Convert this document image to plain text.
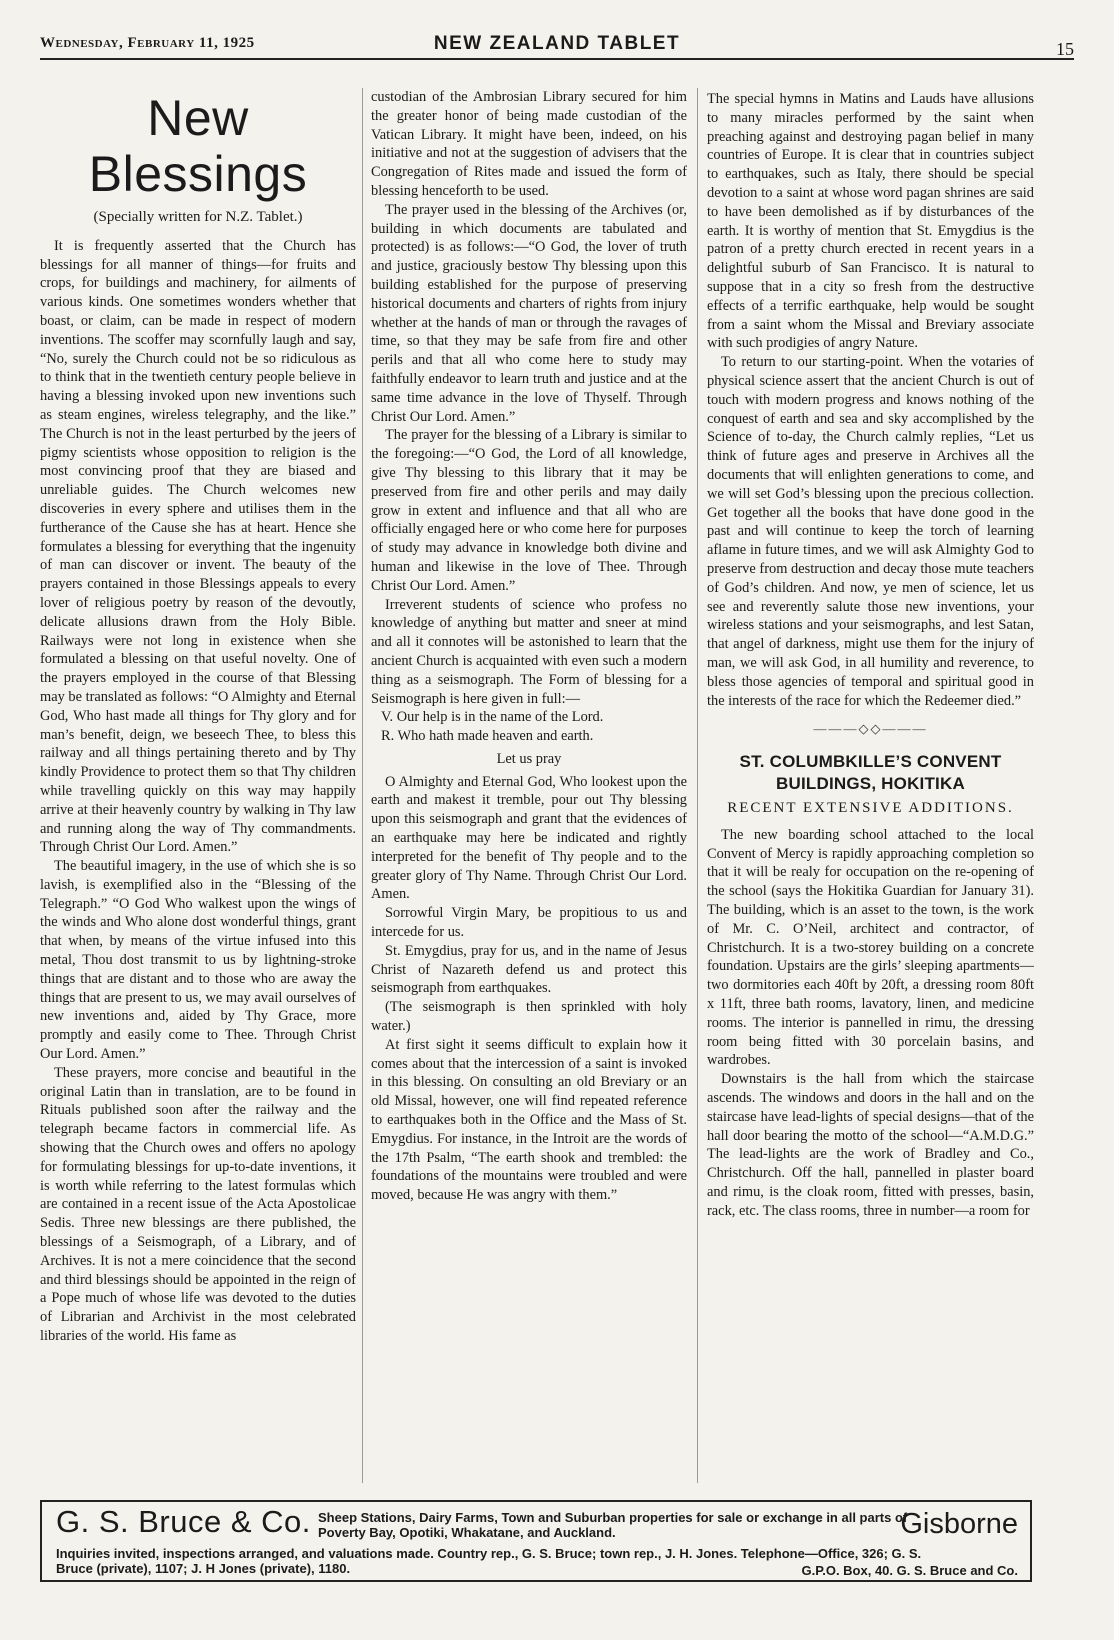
Wednesday, February 11, 1925	NEW ZEALAND TABLET	15
New Blessings
(Specially written for N.Z. Tablet.)

It is frequently asserted that the Church has blessings for all manner of things—for fruits and crops, for buildings and machinery, for ailments of various kinds. One sometimes wonders whether that boast, or claim, can be made in respect of modern inventions. The scoffer may scornfully laugh and say, “No, surely the Church could not be so ridiculous as to think that in the twentieth century people believe in having a blessing invoked upon new inventions such as steam engines, wireless telegraphy, and the like.” The Church is not in the least perturbed by the jeers of pigmy scientists whose opposition to religion is the most convincing proof that they are biased and unreliable guides. The Church welcomes new discoveries in every sphere and utilises them in the furtherance of the Cause she has at heart. Hence she formulates a blessing for everything that the ingenuity of man can discover or invent. The beauty of the prayers contained in those Blessings appeals to every lover of religious poetry by reason of the devoutly, delicate allusions drawn from the Holy Bible. Railways were not long in existence when she formulated a blessing on that useful novelty. One of the prayers employed in the course of that Blessing may be translated as follows: “O Almighty and Eternal God, Who hast made all things for Thy glory and for man’s benefit, deign, we beseech Thee, to bless this railway and all things pertaining thereto and by Thy kindly Providence to protect them so that Thy children while travelling quickly on this way may happily arrive at their heavenly country by walking in Thy law and running along the way of Thy commandments. Through Christ Our Lord. Amen.”

The beautiful imagery, in the use of which she is so lavish, is exemplified also in the “Blessing of the Telegraph.” “O God Who walkest upon the wings of the winds and Who alone dost wonderful things, grant that when, by means of the virtue infused into this metal, Thou dost transmit to us by lightning-stroke things that are distant and to those who are away the things that are present to us, we may avail ourselves of new inventions and, aided by Thy Grace, more promptly and easily come to Thee. Through Christ Our Lord. Amen.”

These prayers, more concise and beautiful in the original Latin than in translation, are to be found in Rituals published soon after the railway and the telegraph became factors in commercial life. As showing that the Church owes and offers no apology for formulating blessings for up-to-date inventions, it is worth while referring to the latest formulas which are contained in a recent issue of the Acta Apostolicae Sedis. Three new blessings are there published, the blessings of a Seismograph, of a Library, and of Archives. It is not a mere coincidence that the second and third blessings should be appointed in the reign of a Pope much of whose life was devoted to the duties of Librarian and Archivist in the most celebrated libraries of the world. His fame as

custodian of the Ambrosian Library secured for him the greater honor of being made custodian of the Vatican Library. It might have been, indeed, on his initiative and not at the suggestion of advisers that the Congregation of Rites made and issued the form of blessing henceforth to be used.

The prayer used in the blessing of the Archives (or, building in which documents are tabulated and protected) is as follows:—“O God, the lover of truth and justice, graciously bestow Thy blessing upon this building established for the purpose of preserving historical documents and charters of rights from injury whether at the hands of man or through the ravages of time, so that they may be safe from fire and other perils and that all who come here to study may faithfully endeavor to learn truth and justice and at the same time advance in the love of Thyself. Through Christ Our Lord. Amen.”

The prayer for the blessing of a Library is similar to the foregoing:—“O God, the Lord of all knowledge, give Thy blessing to this library that it may be preserved from fire and other perils and may daily grow in extent and influence and that all who are officially engaged here or who come here for purposes of study may advance in knowledge both divine and human and likewise in the love of Thee. Through Christ Our Lord. Amen.”

Irreverent students of science who profess no knowledge of anything but matter and sneer at mind and all it connotes will be astonished to learn that the ancient Church is acquainted with even such a modern thing as a seismograph. The Form of blessing for a Seismograph is here given in full:—

V. Our help is in the name of the Lord.

R. Who hath made heaven and earth.

Let us pray

O Almighty and Eternal God, Who lookest upon the earth and makest it tremble, pour out Thy blessing upon this seismograph and grant that the evidences of an earthquake may here be indicated and rightly interpreted for the benefit of Thy people and to the greater glory of Thy Name. Through Christ Our Lord. Amen.

Sorrowful Virgin Mary, be propitious to us and intercede for us.

St. Emygdius, pray for us, and in the name of Jesus Christ of Nazareth defend us and protect this seismograph from earthquakes.

(The seismograph is then sprinkled with holy water.)

At first sight it seems difficult to explain how it comes about that the intercession of a saint is invoked in this blessing. On consulting an old Breviary or an old Missal, however, one will find repeated reference to earthquakes both in the Office and the Mass of St. Emygdius. For instance, in the Introit are the words of the 17th Psalm, “The earth shook and trembled: the foundations of the mountains were troubled and were moved, because He was angry with them.”

The special hymns in Matins and Lauds have allusions to many miracles performed by the saint when preaching against and destroying pagan belief in many countries of Europe. It is clear that in countries subject to earthquakes, such as Italy, there should be special devotion to a saint at whose word pagan shrines are said to have been demolished as if by disturbances of the earth. It is worthy of mention that St. Emygdius is the patron of a pretty church erected in recent years in a delightful suburb of San Francisco. It is natural to suppose that in a city so fresh from the destructive effects of a terrific earthquake, help would be sought from a saint whom the Missal and Breviary associate with such prodigies of angry Nature.

To return to our starting-point. When the votaries of physical science assert that the ancient Church is out of touch with modern progress and knows nothing of the conquest of earth and sea and sky accomplished by the Science of to-day, the Church calmly replies, “Let us think of future ages and preserve in Archives all the documents that will enlighten generations to come, and we will set God’s blessing upon the precious collection. Get together all the books that have done good in the past and will continue to keep the torch of learning aflame in future times, and we will ask Almighty God to preserve from destruction and decay those mute teachers of God’s children. And now, ye men of science, let us see and reverently salute those new inventions, your wireless stations and your seismographs, and lest Satan, that angel of darkness, might use them for the injury of man, we will ask God, in all humility and reverence, to bless those agencies of temporal and spiritual good in the interests of the race for which the Redeemer died.”

———◇◇———
ST. COLUMBKILLE’S CONVENT BUILDINGS, HOKITIKA
RECENT EXTENSIVE ADDITIONS.

The new boarding school attached to the local Convent of Mercy is rapidly approaching completion so that it will be realy for occupation on the re-opening of the school (says the Hokitika Guardian for January 31). The building, which is an asset to the town, is the work of Mr. C. O’Neil, architect and contractor, of Christchurch. It is a two-storey building on a concrete foundation. Upstairs are the girls’ sleeping apartments—two dormitories each 40ft by 20ft, a dressing room 80ft x 11ft, three bath rooms, lavatory, linen, and medicine rooms. The interior is pannelled in rimu, the dressing room being fitted with 30 porcelain basins, and wardrobes.

Downstairs is the hall from which the staircase ascends. The windows and doors in the hall and on the staircase have lead-lights of special designs—that of the hall door bearing the motto of the school—“A.M.D.G.” The lead-lights are the work of Bradley and Co., Christchurch. Off the hall, pannelled in plaster board and rimu, is the cloak room, fitted with presses, basin, rack, etc. The class rooms, three in number—a room for

G. S. Bruce & Co. Sheep Stations, Dairy Farms, Town and Suburban properties for sale or exchange in all parts of Poverty Bay, Opotiki, Whakatane, and Auckland.	Gisborne
Inquiries invited, inspections arranged, and valuations made. Country rep., G. S. Bruce; town rep., J. H. Jones. Telephone—Office, 326; G. S. Bruce (private), 1107; J. H Jones (private), 1180.	G.P.O. Box, 40. G. S. Bruce and Co.
